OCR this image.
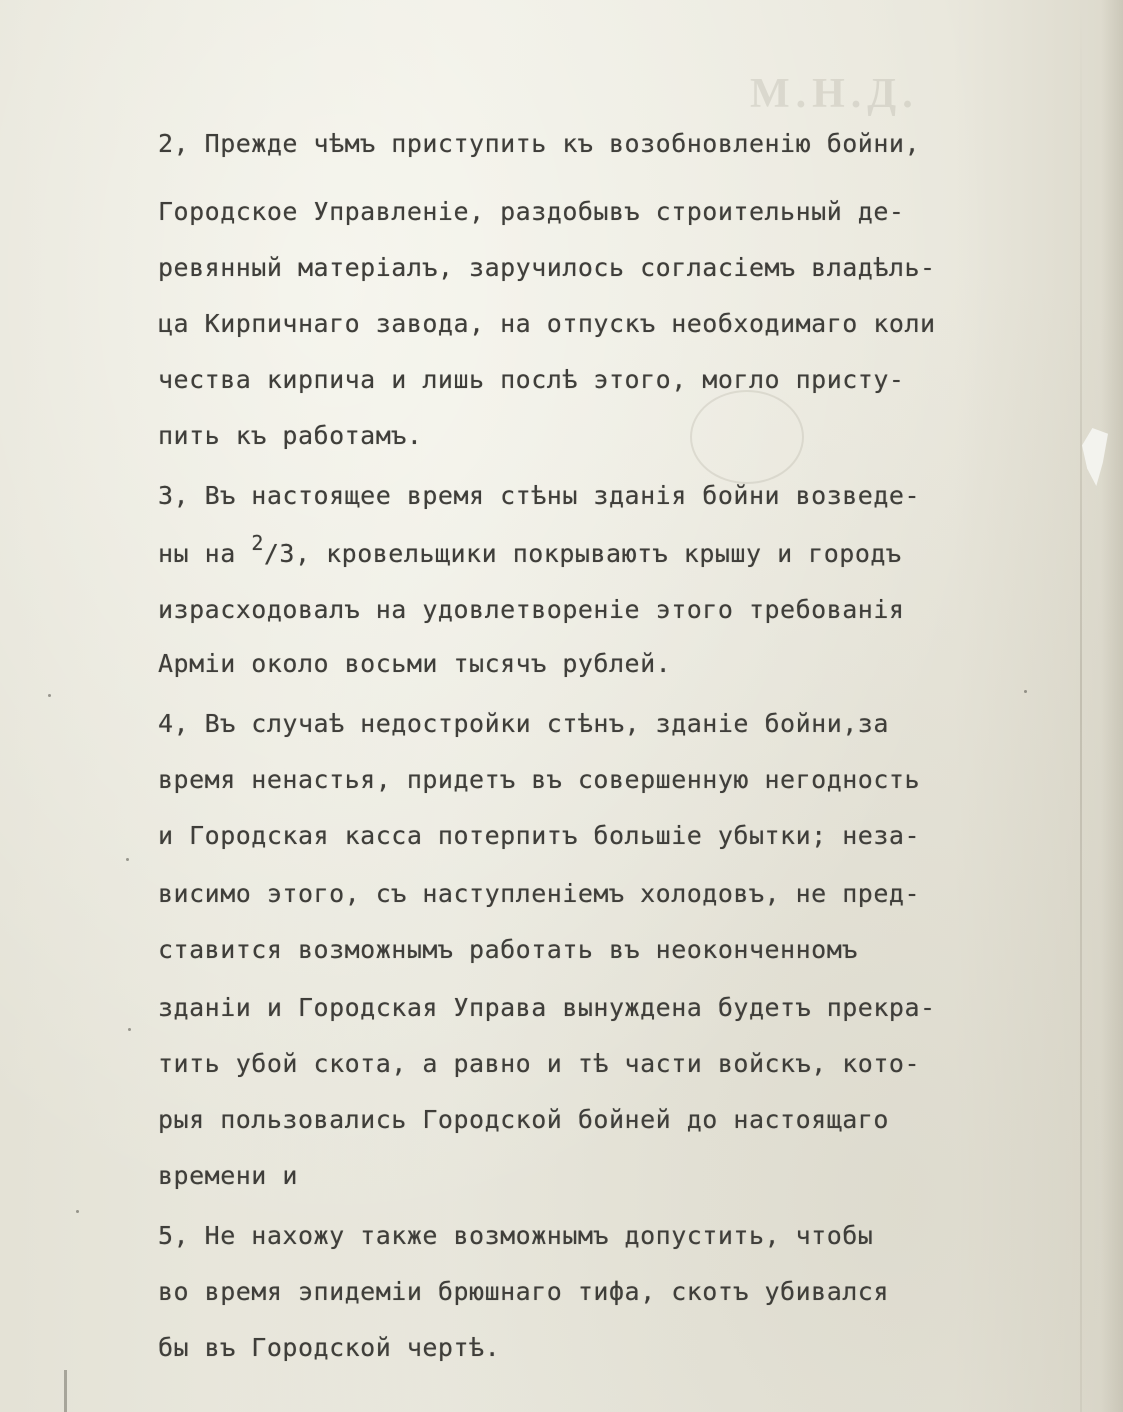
М.Н.Д.
2, Прежде чѣмъ приступить къ возобновленію бойни,
Городское Управленіе, раздобывъ строительный де-
ревянный матеріалъ, заручилось согласіемъ владѣль-
ца Кирпичнаго завода, на отпускъ необходимаго коли
чества кирпича и лишь послѣ этого, могло присту-
пить къ работамъ.
3, Въ настоящее время стѣны зданія бойни возведе-
ны на $^2$/3, кровельщики покрываютъ крышу и городъ
израсходовалъ на удовлетвореніе этого требованія
Арміи около восьми тысячъ рублей.
4, Въ случаѣ недостройки стѣнъ, зданіе бойни,за
время ненастья, придетъ въ совершенную негодность
и Городская касса потерпитъ большіе убытки; неза-
висимо этого, съ наступленіемъ холодовъ, не пред-
ставится возможнымъ работать въ неоконченномъ
зданіи и Городская Управа вынуждена будетъ прекра-
тить убой скота, а равно и тѣ части войскъ, кото-
рыя пользовались Городской бойней до настоящаго
времени и
5, Не нахожу также возможнымъ допустить, чтобы
во время эпидеміи брюшнаго тифа, скотъ убивался
бы въ Городской чертѣ.
